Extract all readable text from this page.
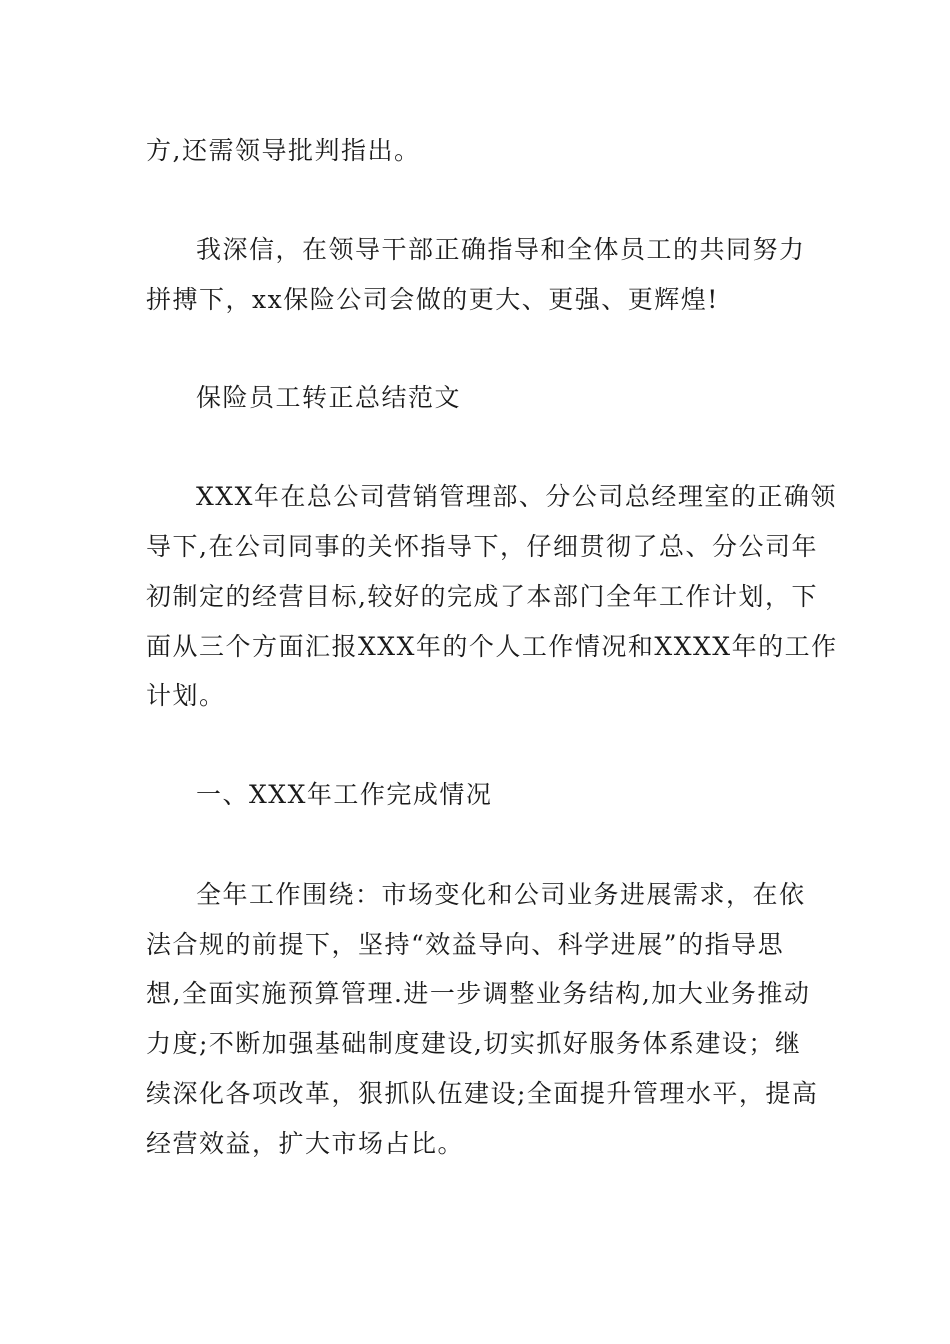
方,还需领导批判指出。
我深信，在领导干部正确指导和全体员工的共同努力
拼搏下，xx保险公司会做的更大、更强、更辉煌!
保险员工转正总结范文
XXX年在总公司营销管理部、分公司总经理室的正确领
导下,在公司同事的关怀指导下，仔细贯彻了总、分公司年
初制定的经营目标,较好的完成了本部门全年工作计划，下
面从三个方面汇报XXX年的个人工作情况和XXXX年的工作
计划。
一、XXX年工作完成情况
全年工作围绕：市场变化和公司业务进展需求，在依
法合规的前提下，坚持“效益导向、科学进展”的指导思
想,全面实施预算管理.进一步调整业务结构,加大业务推动
力度;不断加强基础制度建设,切实抓好服务体系建设；继
续深化各项改革，狠抓队伍建设;全面提升管理水平，提高
经营效益，扩大市场占比。
